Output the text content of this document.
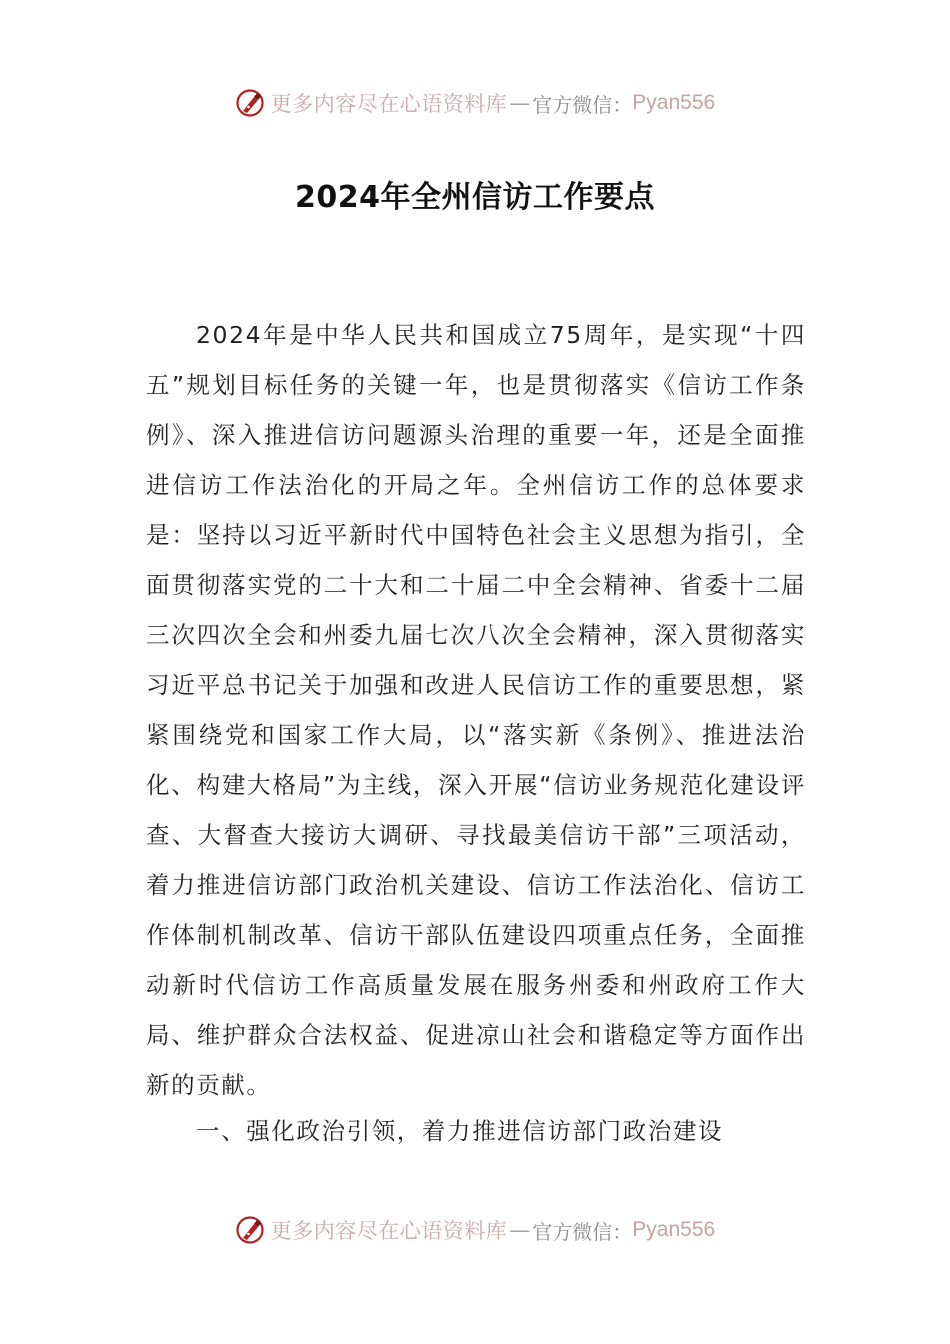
更多内容尽在心语资料库 — 官方微信： Pyan556
2024年全州信访工作要点

2024年是中华人民共和国成立75周年，是实现“十四五”规划目标任务的关键一年，也是贯彻落实《信访工作条例》、深入推进信访问题源头治理的重要一年，还是全面推进信访工作法治化的开局之年。全州信访工作的总体要求是：坚持以习近平新时代中国特色社会主义思想为指引，全面贯彻落实党的二十大和二十届二中全会精神、省委十二届三次四次全会和州委九届七次八次全会精神，深入贯彻落实习近平总书记关于加强和改进人民信访工作的重要思想，紧紧围绕党和国家工作大局，以“落实新《条例》、推进法治化、构建大格局”为主线，深入开展“信访业务规范化建设评查、大督查大接访大调研、寻找最美信访干部”三项活动，着力推进信访部门政治机关建设、信访工作法治化、信访工作体制机制改革、信访干部队伍建设四项重点任务，全面推动新时代信访工作高质量发展在服务州委和州政府工作大局、维护群众合法权益、促进凉山社会和谐稳定等方面作出新的贡献。

一、强化政治引领，着力推进信访部门政治建设

更多内容尽在心语资料库 — 官方微信： Pyan556
